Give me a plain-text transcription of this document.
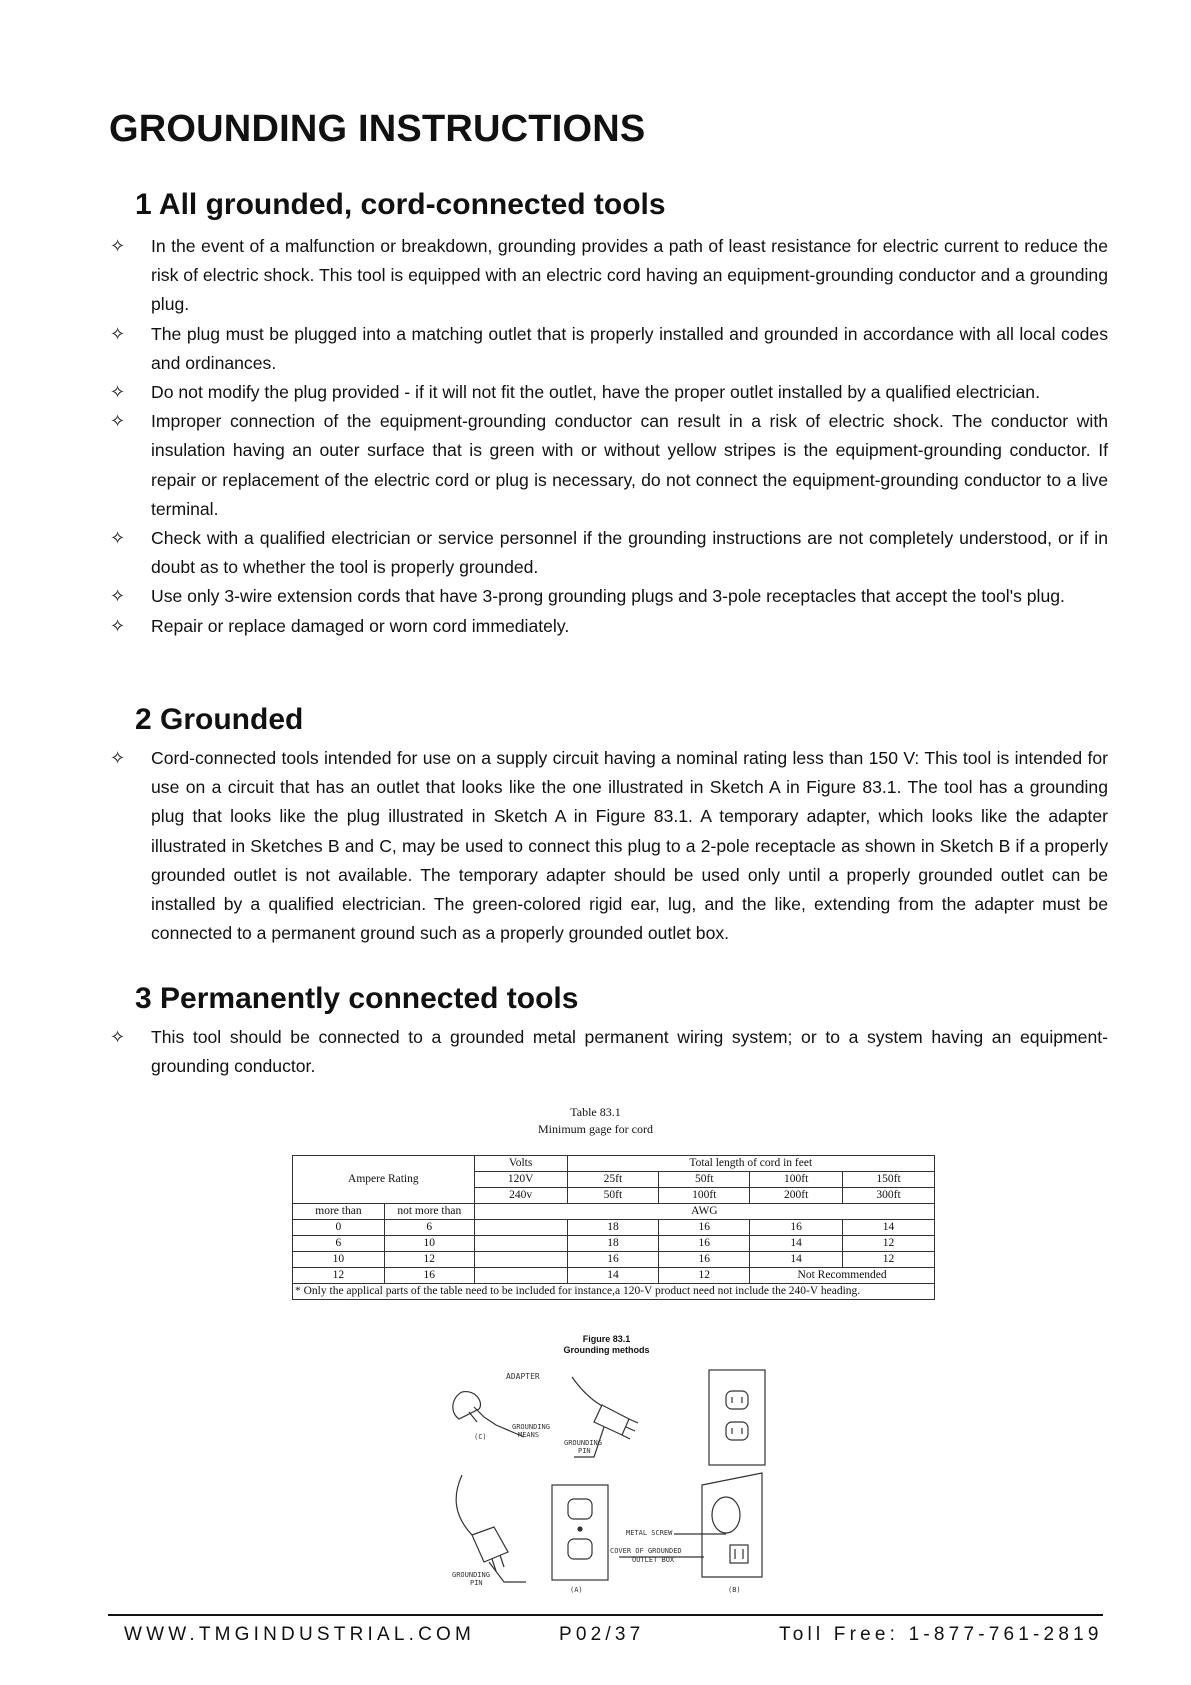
GROUNDING INSTRUCTIONS
1 All grounded, cord-connected tools
✧ In the event of a malfunction or breakdown, grounding provides a path of least resistance for electric current to reduce the risk of electric shock. This tool is equipped with an electric cord having an equipment-grounding conductor and a grounding plug.
✧ The plug must be plugged into a matching outlet that is properly installed and grounded in accordance with all local codes and ordinances.
✧ Do not modify the plug provided - if it will not fit the outlet, have the proper outlet installed by a qualified electrician.
✧ Improper connection of the equipment-grounding conductor can result in a risk of electric shock. The conductor with insulation having an outer surface that is green with or without yellow stripes is the equipment-grounding conductor. If repair or replacement of the electric cord or plug is necessary, do not connect the equipment-grounding conductor to a live terminal.
✧ Check with a qualified electrician or service personnel if the grounding instructions are not completely understood, or if in doubt as to whether the tool is properly grounded.
✧ Use only 3-wire extension cords that have 3-prong grounding plugs and 3-pole receptacles that accept the tool's plug.
✧ Repair or replace damaged or worn cord immediately.
2 Grounded
✧ Cord-connected tools intended for use on a supply circuit having a nominal rating less than 150 V: This tool is intended for use on a circuit that has an outlet that looks like the one illustrated in Sketch A in Figure 83.1. The tool has a grounding plug that looks like the plug illustrated in Sketch A in Figure 83.1. A temporary adapter, which looks like the adapter illustrated in Sketches B and C, may be used to connect this plug to a 2-pole receptacle as shown in Sketch B if a properly grounded outlet is not available. The temporary adapter should be used only until a properly grounded outlet can be installed by a qualified electrician. The green-colored rigid ear, lug, and the like, extending from the adapter must be connected to a permanent ground such as a properly grounded outlet box.
3 Permanently connected tools
✧ This tool should be connected to a grounded metal permanent wiring system; or to a system having an equipment-grounding conductor.
Table 83.1
Minimum gage for cord
Ampere Rating		Volts	Total length of cord in feet			
		120V	25ft	50ft	100ft	150ft
		240v	50ft	100ft	200ft	300ft
more than	not more than	AWG				
0	6		18	16	16	14
6	10		18	16	14	12
10	12		16	16	14	12
12	16		14	12	Not Recommended	
* Only the applical parts of the table need to be included for instance,a 120-V product need not include the 240-V heading.						
Figure 83.1
Grounding methods
ADAPTER
GROUNDING
MEANS
(C)
GROUNDING
PIN
GROUNDING
PIN
(A)
METAL SCREW
COVER OF GROUNDED
OUTLET BOX
(B)
WWW.TMGINDUSTRIAL.COM	P02/37	Toll Free: 1-877-761-2819
